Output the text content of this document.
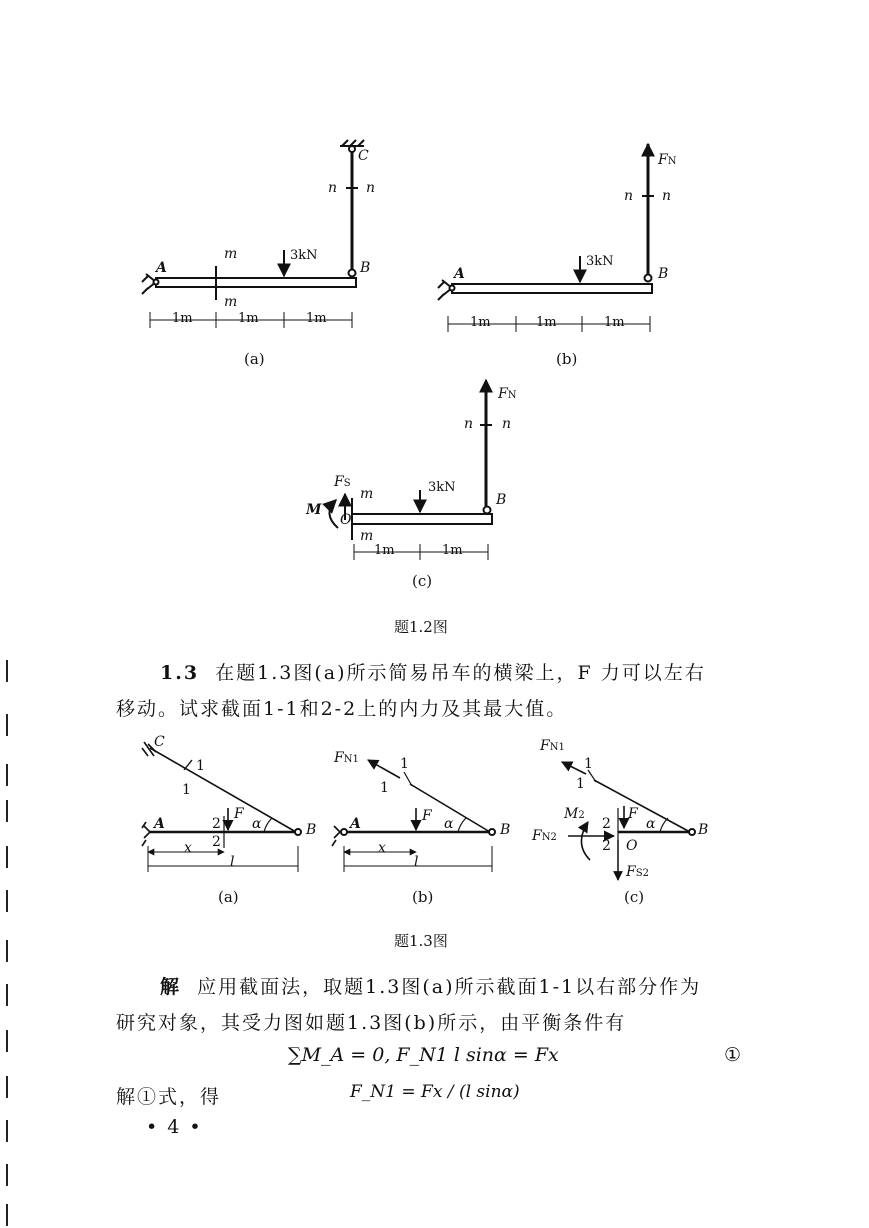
C
n n
m
m
3kN
A	B
1m	1m	1m
(a)
FN
n n
3kN
A	B
1m	1m	1m
(b)
FN
n n
FS
M
O
m
m
3kN
B
1m	1m
(c)
题1.2图
1.3 在题1.3图(a)所示简易吊车的横梁上，F 力可以左右
移动。试求截面1-1和2-2上的内力及其最大值。
C
1
1
A	2
2
F
α	B
x
l
(a)
FN1	1
1
A	F α	B
x
l
(b)
FN1
1
1
M2
FN2
2
2
F
α
O
FS2
B
(c)
题1.3图
解 应用截面法，取题1.3图(a)所示截面1-1以右部分作为
研究对象，其受力图如题1.3图(b)所示，由平衡条件有
∑M_A = 0, F_N1 l sinα = Fx	①
解①式，得	F_N1 = Fx / (l sinα)
• 4 •
